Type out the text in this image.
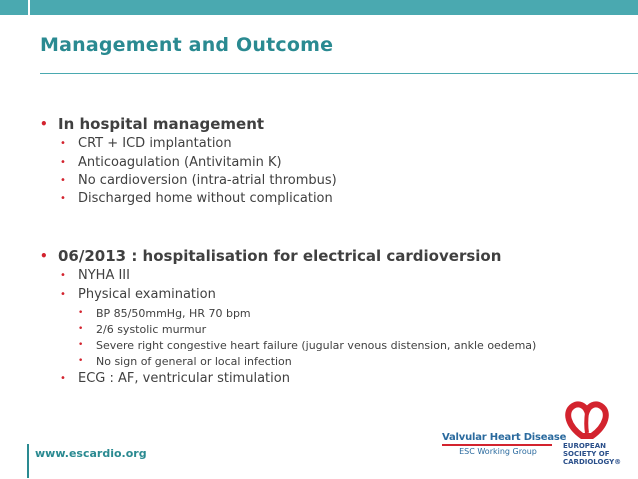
Management and Outcome
• In hospital management
• CRT + ICD implantation
• Anticoagulation (Antivitamin K)
• No cardioversion (intra-atrial thrombus)
• Discharged home without complication
• 06/2013 : hospitalisation for electrical cardioversion
• NYHA III
• Physical examination
• BP 85/50mmHg, HR 70 bpm
• 2/6 systolic murmur
• Severe right congestive heart failure (jugular venous distension, ankle oedema)
• No sign of general or local infection
• ECG : AF, ventricular stimulation
www.escardio.org
Valvular Heart Disease
ESC Working Group
EUROPEAN
SOCIETY OF
CARDIOLOGY®
